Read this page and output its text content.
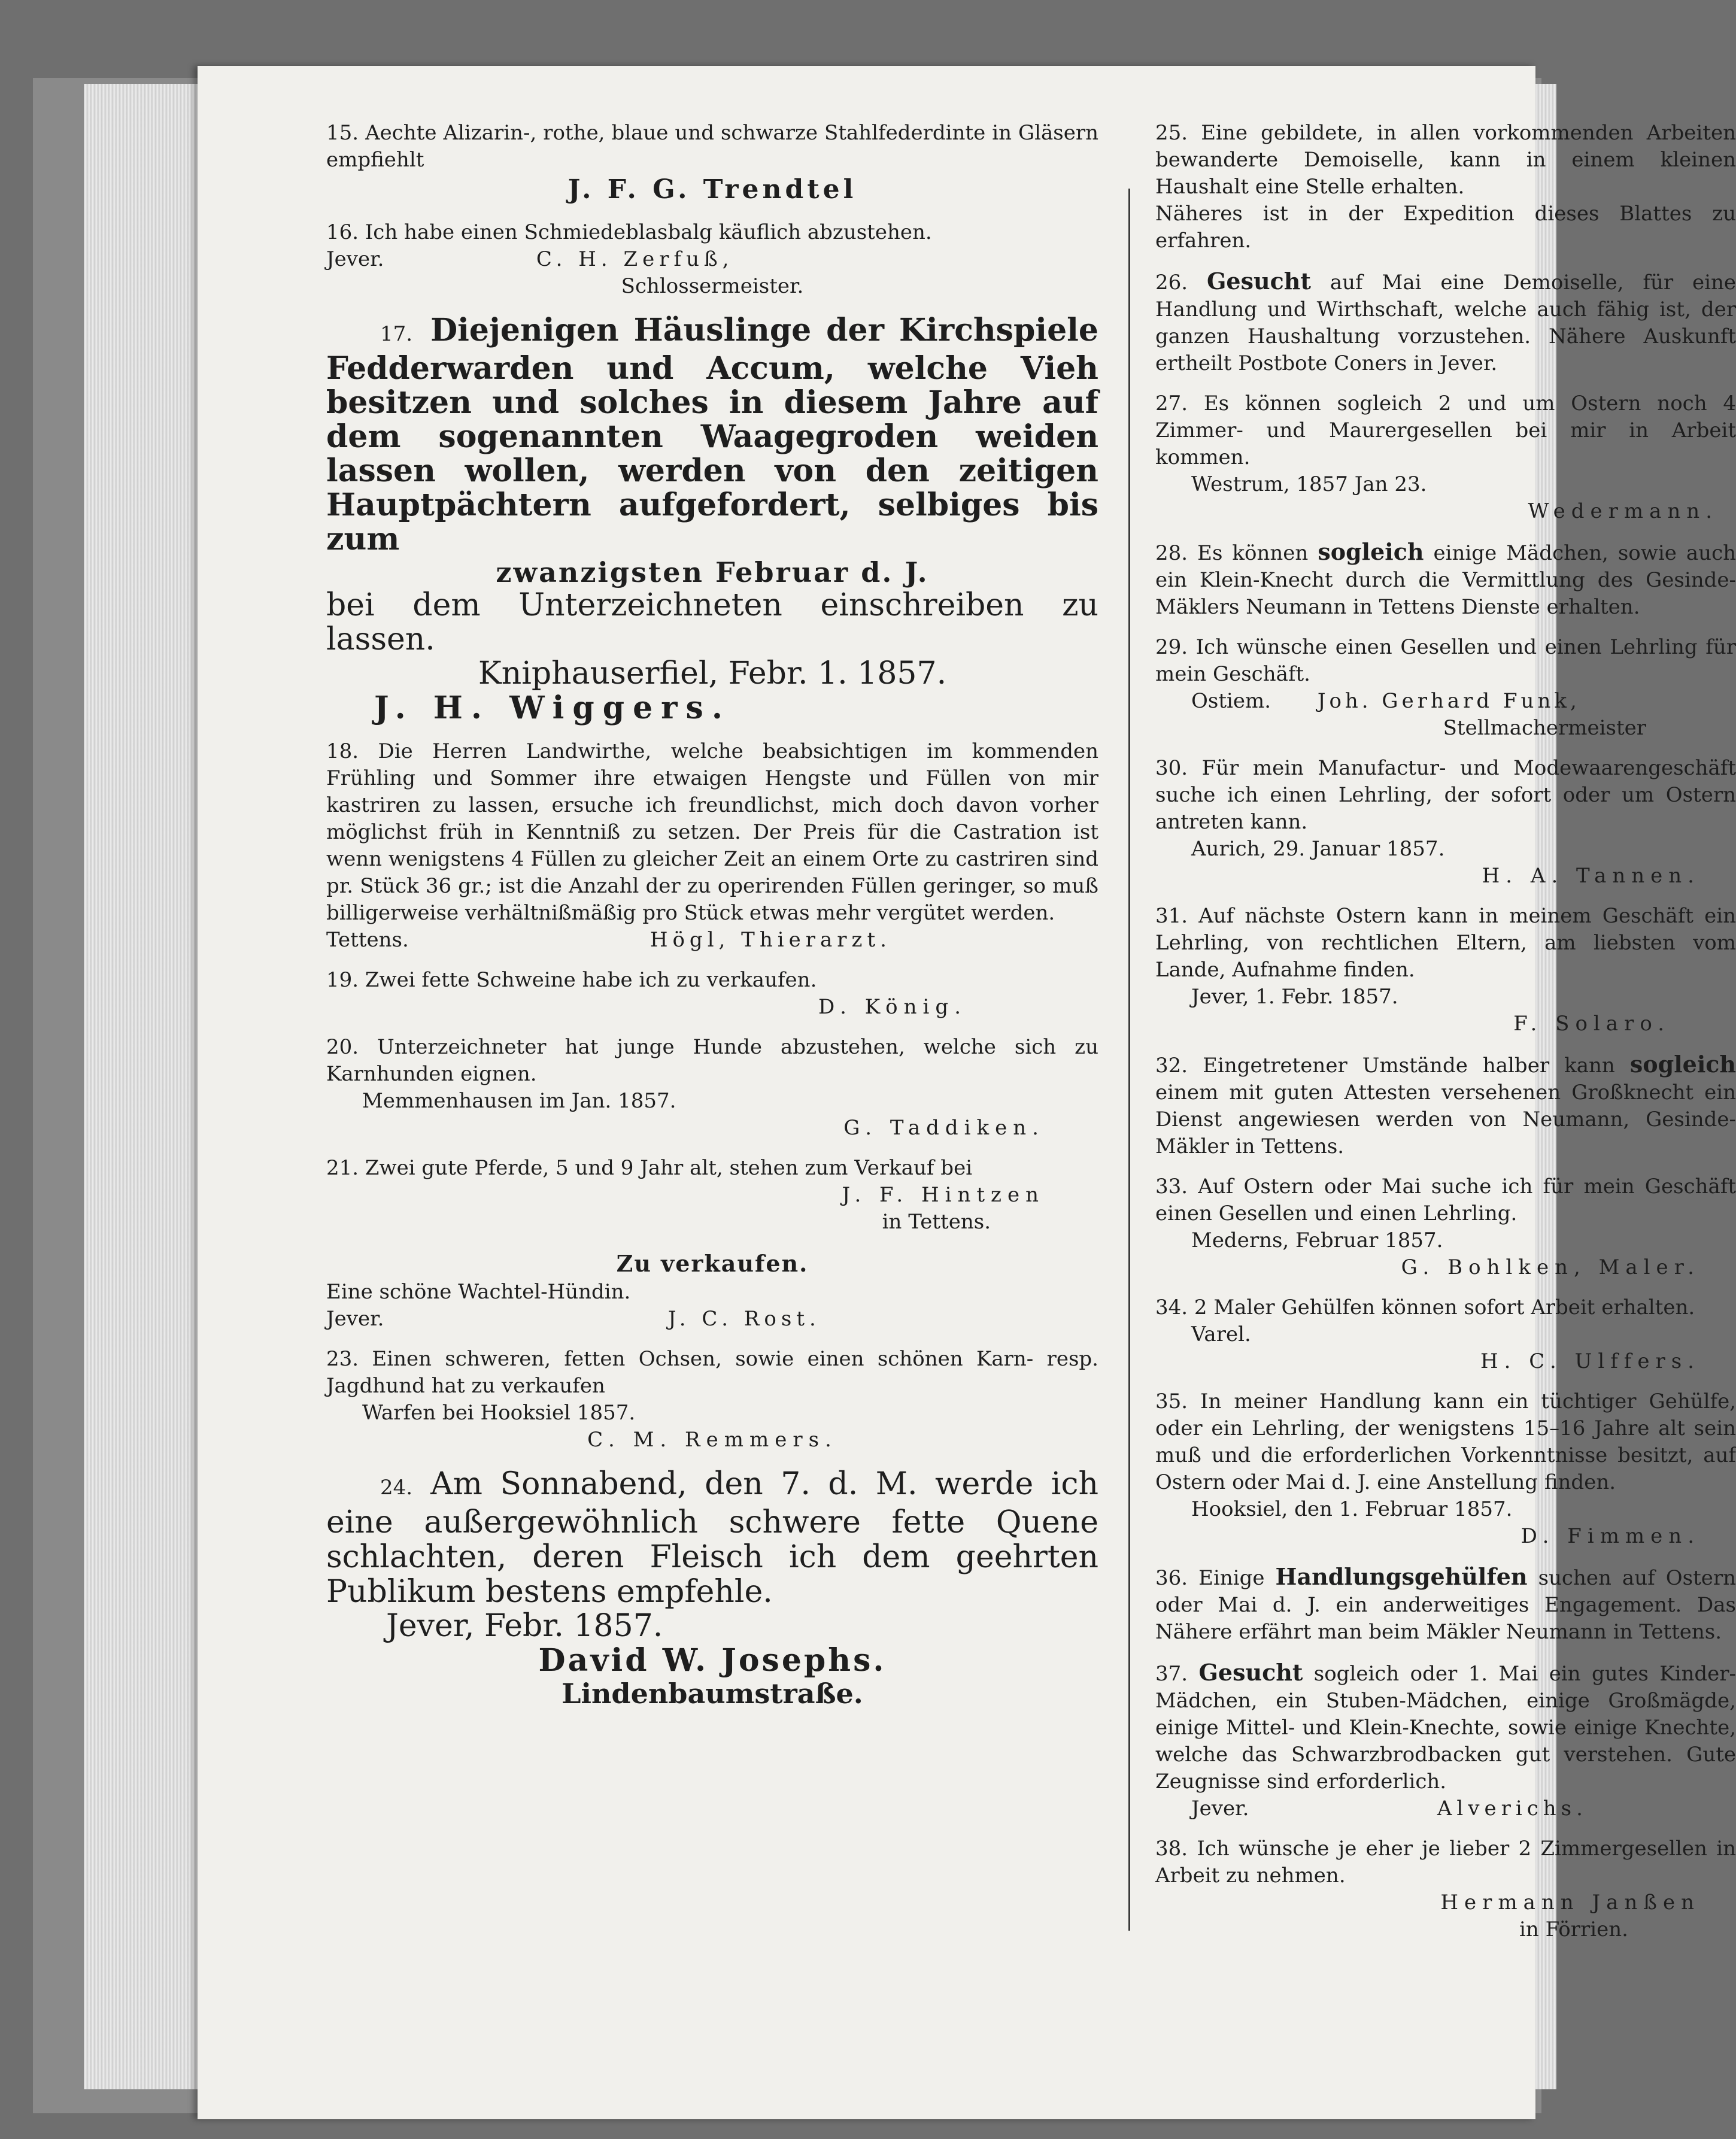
15. Aechte Alizarin-, rothe, blaue und schwarze Stahlfederdinte in Gläsern empfiehlt

J. F. G. Trendtel

16. Ich habe einen Schmiedeblasbalg käuflich abzustehen.

Jever.	C. H. Zerfuß,

Schlossermeister.

17. Diejenigen Häuslinge der Kirchspiele Fedderwarden und Accum, welche Vieh besitzen und solches in diesem Jahre auf dem sogenannten Waagegroden weiden lassen wollen, werden von den zeitigen Hauptpächtern aufgefordert, selbiges bis zum

zwanzigsten Februar d. J.

bei dem Unterzeichneten einschreiben zu lassen.

Kniphauserfiel, Febr. 1. 1857.

J. H. Wiggers.

18. Die Herren Landwirthe, welche beabsichtigen im kommenden Frühling und Sommer ihre etwaigen Hengste und Füllen von mir kastriren zu lassen, ersuche ich freundlichst, mich doch davon vorher möglichst früh in Kenntniß zu setzen. Der Preis für die Castration ist wenn wenigstens 4 Füllen zu gleicher Zeit an einem Orte zu castriren sind pr. Stück 36 gr.; ist die Anzahl der zu operirenden Füllen geringer, so muß billigerweise verhältnißmäßig pro Stück etwas mehr vergütet werden.

Tettens.	Högl, Thierarzt.

19. Zwei fette Schweine habe ich zu verkaufen.

D. König.

20. Unterzeichneter hat junge Hunde abzustehen, welche sich zu Karnhunden eignen.

Memmenhausen im Jan. 1857.

G. Taddiken.

21. Zwei gute Pferde, 5 und 9 Jahr alt, stehen zum Verkauf bei

J. F. Hintzen

in Tettens.

Zu verkaufen.

Eine schöne Wachtel-Hündin.

Jever.	J. C. Rost.

23. Einen schweren, fetten Ochsen, sowie einen schönen Karn- resp. Jagdhund hat zu verkaufen

Warfen bei Hooksiel 1857.

C. M. Remmers.

24. Am Sonnabend, den 7. d. M. werde ich eine außergewöhnlich schwere fette Quene schlachten, deren Fleisch ich dem geehrten Publikum bestens empfehle.

Jever, Febr. 1857.

David W. Josephs.

Lindenbaumstraße.

25. Eine gebildete, in allen vorkommenden Arbeiten bewanderte Demoiselle, kann in einem kleinen Haushalt eine Stelle erhalten.

Näheres ist in der Expedition dieses Blattes zu erfahren.

26. Gesucht auf Mai eine Demoiselle, für eine Handlung und Wirthschaft, welche auch fähig ist, der ganzen Haushaltung vorzustehen. Nähere Auskunft ertheilt Postbote Coners in Jever.

27. Es können sogleich 2 und um Ostern noch 4 Zimmer- und Maurergesellen bei mir in Arbeit kommen.

Westrum, 1857 Jan 23.

Wedermann.

28. Es können sogleich einige Mädchen, sowie auch ein Klein-Knecht durch die Vermittlung des Gesinde-Mäklers Neumann in Tettens Dienste erhalten.

29. Ich wünsche einen Gesellen und einen Lehrling für mein Geschäft.

Ostiem. Joh. Gerhard Funk,

Stellmachermeister

30. Für mein Manufactur- und Modewaarengeschäft suche ich einen Lehrling, der sofort oder um Ostern antreten kann.

Aurich, 29. Januar 1857.

H. A. Tannen.

31. Auf nächste Ostern kann in meinem Geschäft ein Lehrling, von rechtlichen Eltern, am liebsten vom Lande, Aufnahme finden.

Jever, 1. Febr. 1857.

F. Solaro.

32. Eingetretener Umstände halber kann sogleich einem mit guten Attesten versehenen Großknecht ein Dienst angewiesen werden von Neumann, Gesinde-Mäkler in Tettens.

33. Auf Ostern oder Mai suche ich für mein Geschäft einen Gesellen und einen Lehrling.

Mederns, Februar 1857.

G. Bohlken, Maler.

34. 2 Maler Gehülfen können sofort Arbeit erhalten.

Varel.

H. C. Ulffers.

35. In meiner Handlung kann ein tüchtiger Gehülfe, oder ein Lehrling, der wenigstens 15–16 Jahre alt sein muß und die erforderlichen Vorkenntnisse besitzt, auf Ostern oder Mai d. J. eine Anstellung finden.

Hooksiel, den 1. Februar 1857.

D. Fimmen.

36. Einige Handlungsgehülfen suchen auf Ostern oder Mai d. J. ein anderweitiges Engagement. Das Nähere erfährt man beim Mäkler Neumann in Tettens.

37. Gesucht sogleich oder 1. Mai ein gutes Kinder-Mädchen, ein Stuben-Mädchen, einige Großmägde, einige Mittel- und Klein-Knechte, sowie einige Knechte, welche das Schwarzbrodbacken gut verstehen. Gute Zeugnisse sind erforderlich.

Jever.	Alverichs.

38. Ich wünsche je eher je lieber 2 Zimmergesellen in Arbeit zu nehmen.

Hermann Janßen

in Förrien.
